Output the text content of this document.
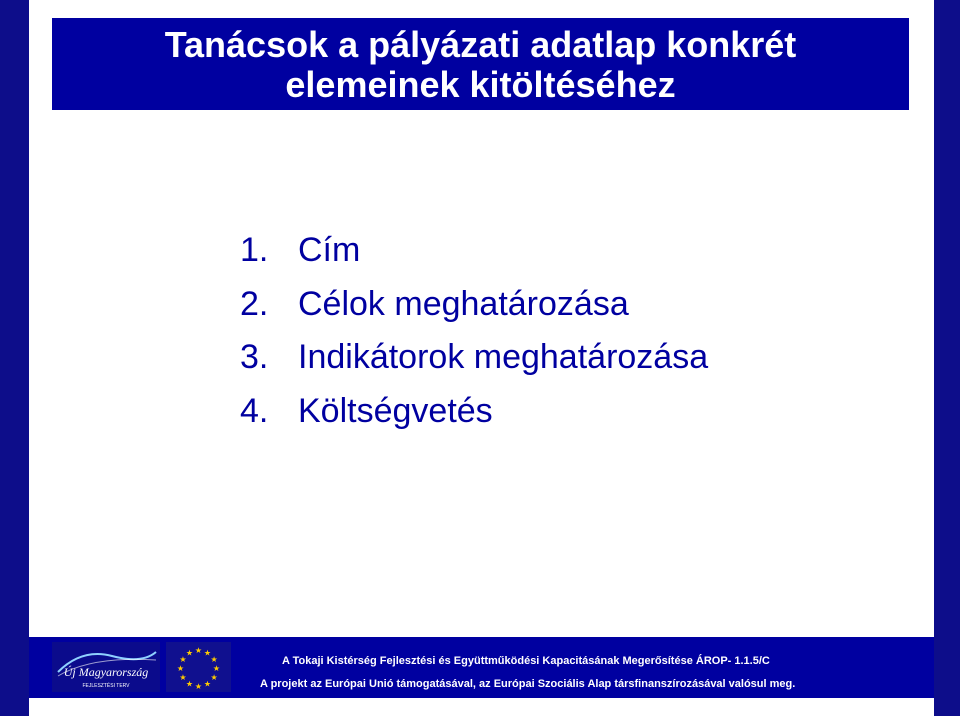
Tanácsok a pályázati adatlap konkrét
elemeinek kitöltéséhez
1. Cím
2. Célok meghatározása
3. Indikátorok meghatározása
4. Költségvetés
Új Magyarország
FEJLESZTÉSI TERV
★ ★
★
★
★
★
★
★
★
★
★
★
A Tokaji Kistérség Fejlesztési és Együttműködési Kapacitásának Megerősítése ÁROP- 1.1.5/C
A projekt az Európai Unió támogatásával, az Európai Szociális Alap társfinanszírozásával valósul meg.
